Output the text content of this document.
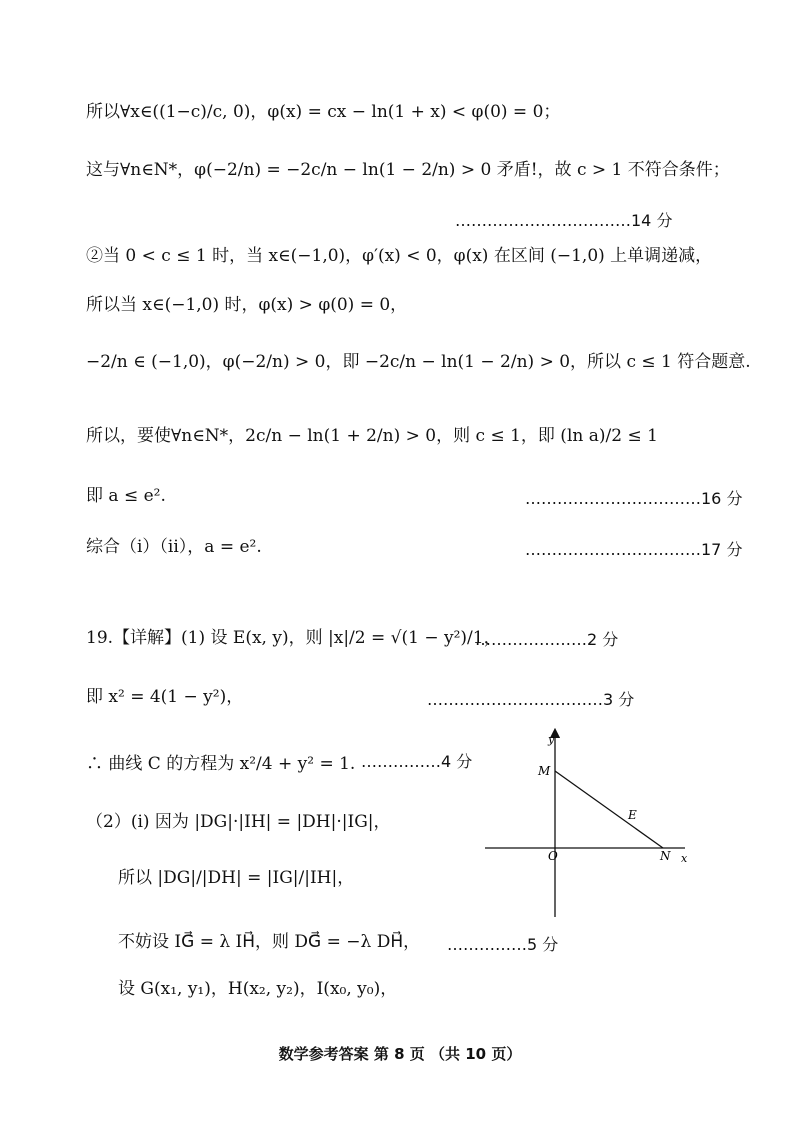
所以∀x∈((1−c)/c, 0)，φ(x) = cx − ln(1 + x) < φ(0) = 0；
这与∀n∈N*，φ(−2/n) = −2c/n − ln(1 − 2/n) > 0 矛盾!，故 c > 1 不符合条件；
……………………………14 分
②当 0 < c ≤ 1 时，当 x∈(−1,0)，φ′(x) < 0，φ(x) 在区间 (−1,0) 上单调递减，
所以当 x∈(−1,0) 时，φ(x) > φ(0) = 0，
−2/n ∈ (−1,0)，φ(−2/n) > 0，即 −2c/n − ln(1 − 2/n) > 0，所以 c ≤ 1 符合题意.
所以，要使∀n∈N*，2c/n − ln(1 + 2/n) > 0，则 c ≤ 1，即 (ln a)/2 ≤ 1
即 a ≤ e².	……………………………16 分
综合（i）（ii），a = e².	……………………………17 分
19.【详解】(1) 设 E(x, y)，则 |x|/2 = √(1 − y²)/1，
…………………2 分
即 x² = 4(1 − y²)，	……………………………3 分
∴ 曲线 C 的方程为 x²/4 + y² = 1. ……………4 分
（2）(i) 因为 |DG|·|IH| = |DH|·|IG|，
所以 |DG|/|DH| = |IG|/|IH|，
不妨设 IG⃗ = λ IH⃗，则 DG⃗ = −λ DH⃗， ……………5 分
设 G(x₁, y₁)，H(x₂, y₂)，I(x₀, y₀)，
y
x
O
M
E
N
数学参考答案 第 8 页 （共 10 页）
